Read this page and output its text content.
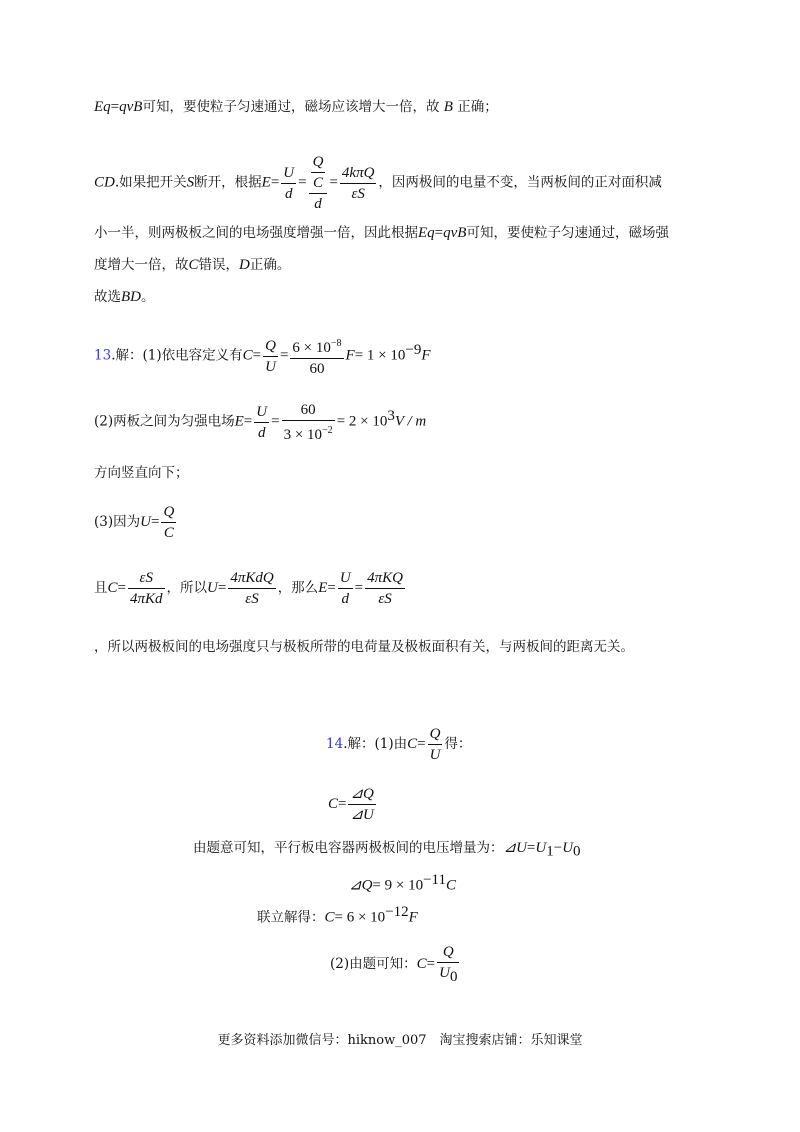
Eq=qvB可知，要使粒子匀速通过，磁场应该增大一倍，故 B 正确；
CD.如果把开关S断开，根据$E= \frac{U}{d} = \frac{\frac{Q}{C}}{d} = \frac{\text{4kπQ}}{\varepsilon S}$ ，因两极间的电量不变，当两板间的正对面积减
小一半，则两极板之间的电场强度增强一倍，因此根据Eq=qvB可知，要使粒子匀速通过，磁场强
度增大一倍，故C错误，D正确。
故选BD。
13.解：(1)依电容定义有$C= \frac{Q}{U} = \frac{6 \times 10^{-8}}{60} F= 1 \times 10^{-9}F$
(2)两板之间为匀强电场$E= \frac{U}{d} = \frac{60}{3 \times 10^{-2}} = 2 \times 10^3V / m$
方向竖直向下；
(3)因为$U= \frac{Q}{C}$
且$C= \frac{\varepsilon S}{\text{4πKd}}$ ，所以$U= \frac{\text{4πKdQ}}{\varepsilon S}$ ，那么$E= \frac{U}{d} = \frac{\text{4πKQ}}{\varepsilon S}$
，所以两极板间的电场强度只与极板所带的电荷量及极板面积有关，与两板间的距离无关。
14.解：(1)由$C= \frac{Q}{U}$ 得：
$C= \frac{⊿Q}{⊿U}$
由题意可知，平行板电容器两极板间的电压增量为：$⊿U=U_1-U_0$
⊿Q= $9 \times 10^{-11}C$
联立解得：$C= 6 \times 10^{-12}F$
(2)由题可知：$C= \frac{Q}{U_0}$
更多资料添加微信号：hiknow_007　淘宝搜索店铺：乐知课堂
